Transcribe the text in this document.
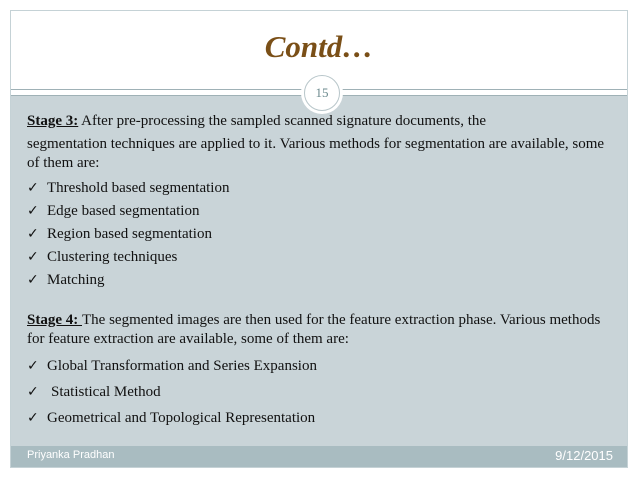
Contd…
15

Stage 3: After pre-processing the sampled scanned signature documents, the

segmentation techniques are applied to it. Various methods for segmentation are available, some of them are:

✓ Threshold based segmentation
✓ Edge based segmentation
✓ Region based segmentation
✓ Clustering techniques
✓ Matching

Stage 4: The segmented images are then used for the feature extraction phase. Various methods for feature extraction are available, some of them are:

✓ Global Transformation and Series Expansion
✓ Statistical Method
✓ Geometrical and Topological Representation
Priyanka Pradhan	9/12/2015
